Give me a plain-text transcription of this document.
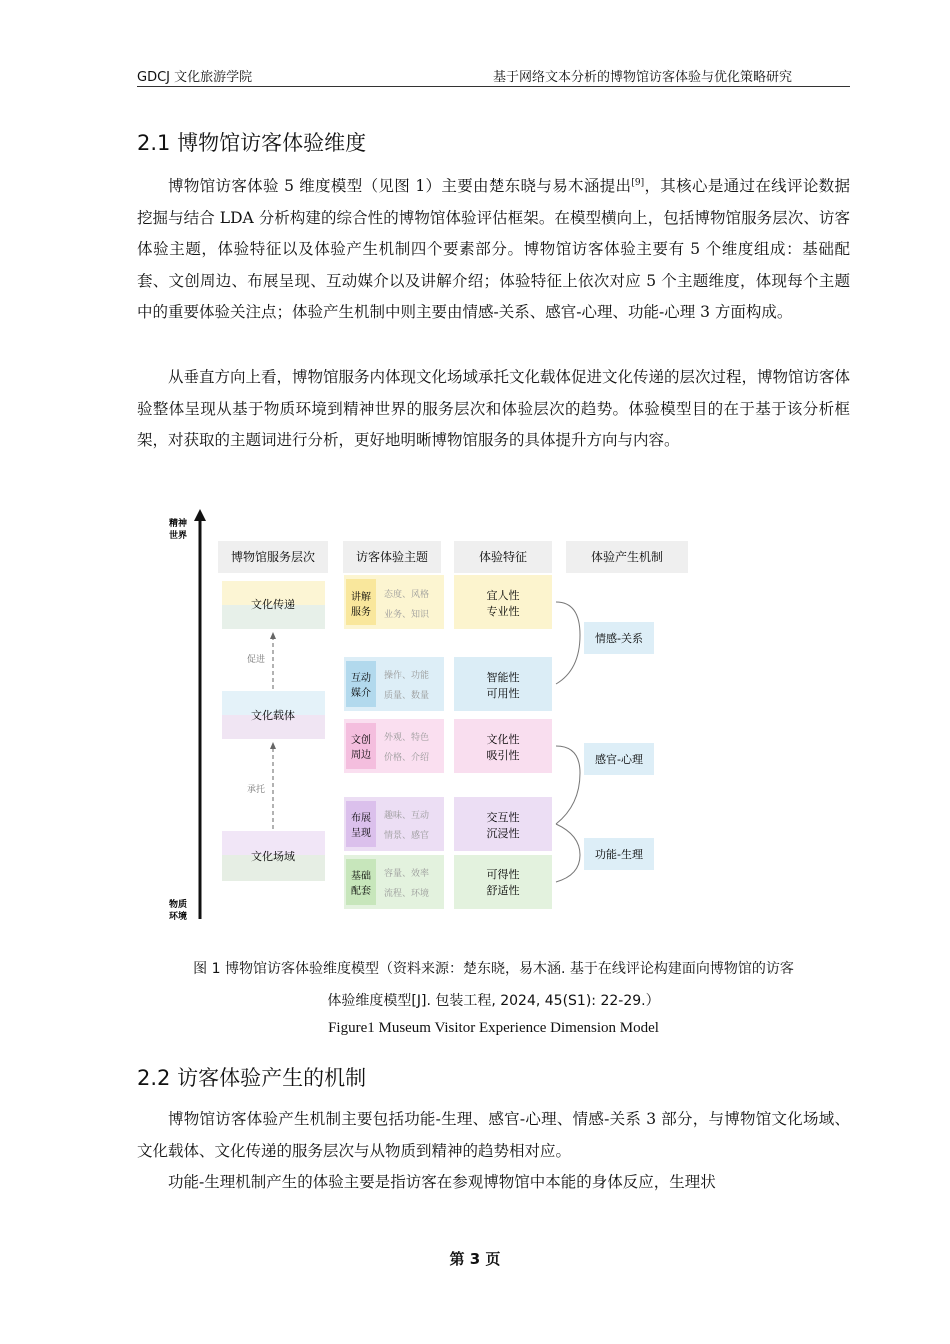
GDCJ 文化旅游学院	基于网络文本分析的博物馆访客体验与优化策略研究
2.1 博物馆访客体验维度

博物馆访客体验 5 维度模型（见图 1）主要由楚东晓与易木涵提出[9]，其核心是通过在线评论数据挖掘与结合 LDA 分析构建的综合性的博物馆体验评估框架。在模型横向上，包括博物馆服务层次、访客体验主题，体验特征以及体验产生机制四个要素部分。博物馆访客体验主要有 5 个维度组成：基础配套、文创周边、布展呈现、互动媒介以及讲解介绍；体验特征上依次对应 5 个主题维度，体现每个主题中的重要体验关注点；体验产生机制中则主要由情感-关系、感官-心理、功能-心理 3 方面构成。

从垂直方向上看，博物馆服务内体现文化场域承托文化载体促进文化传递的层次过程，博物馆访客体验整体呈现从基于物质环境到精神世界的服务层次和体验层次的趋势。体验模型目的在于基于该分析框架，对获取的主题词进行分析，更好地明晰博物馆服务的具体提升方向与内容。

精神世界
物质环境
博物馆服务层次	访客体验主题	体验特征	体验产生机制
文化传递
文化载体
文化场域
促进
承托
讲解
服务
态度、风格
业务、知识
宜人性
专业性
互动
媒介
操作、功能
质量、数量
智能性
可用性
文创
周边
外观、特色
价格、介绍
文化性
吸引性
布展
呈现
趣味、互动
情景、感官
交互性
沉浸性
基础
配套
容量、效率
流程、环境
可得性
舒适性
情感-关系
感官-心理
功能-生理
图 1 博物馆访客体验维度模型（资料来源：楚东晓，易木涵. 基于在线评论构建面向博物馆的访客
体验维度模型[J]. 包装工程, 2024, 45(S1): 22-29.）
Figure1 Museum Visitor Experience Dimension Model
2.2 访客体验产生的机制

博物馆访客体验产生机制主要包括功能-生理、感官-心理、情感-关系 3 部分，与博物馆文化场域、文化载体、文化传递的服务层次与从物质到精神的趋势相对应。

功能-生理机制产生的体验主要是指访客在参观博物馆中本能的身体反应，生理状

第 3 页
